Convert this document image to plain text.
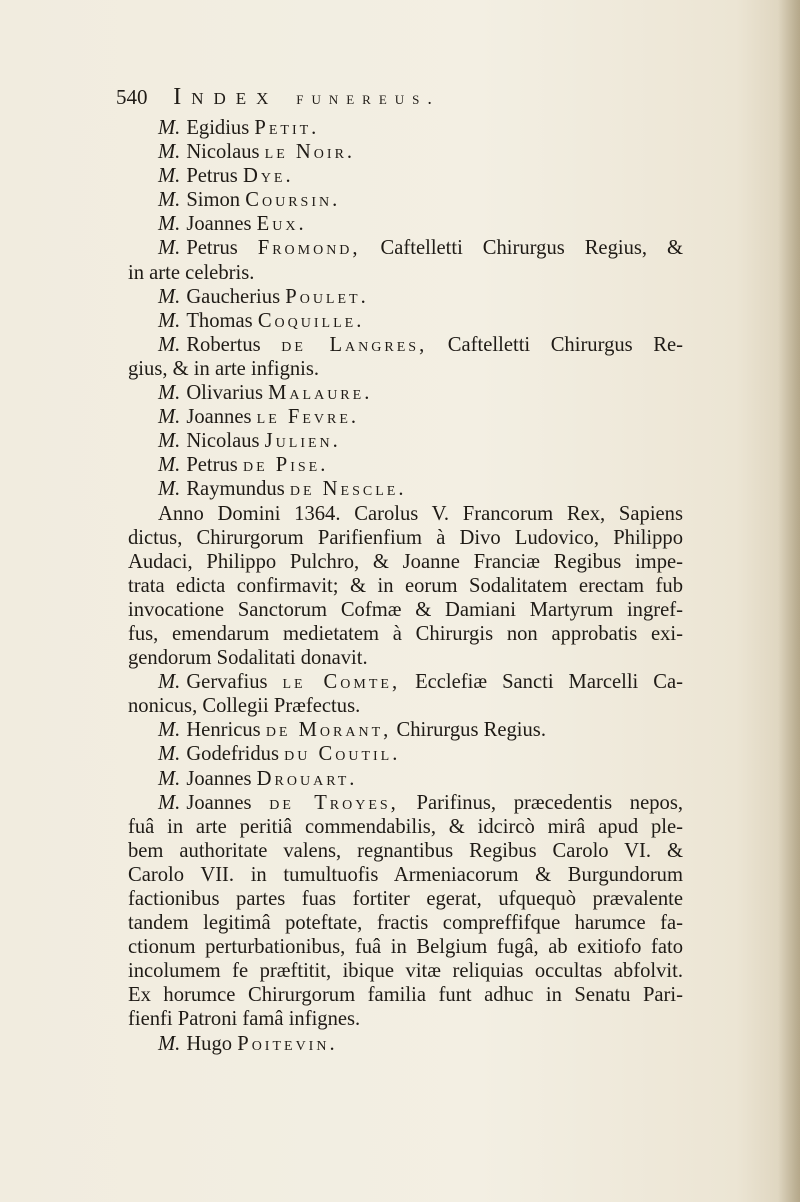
540 Index funereus.
M. Egidius Petit.
M. Nicolaus le Noir.
M. Petrus Dye.
M. Simon Coursin.
M. Joannes Eux.
M. Petrus Fromond, Caftelletti Chirurgus Regius, &
in arte celebris.
M. Gaucherius Poulet.
M. Thomas Coquille.
M. Robertus de Langres, Caftelletti Chirurgus Re-
gius, & in arte infignis.
M. Olivarius Malaure.
M. Joannes le Fevre.
M. Nicolaus Julien.
M. Petrus de Pise.
M. Raymundus de Nescle.
Anno Domini 1364. Carolus V. Francorum Rex, Sapiens
dictus, Chirurgorum Parifienfium à Divo Ludovico, Philippo
Audaci, Philippo Pulchro, & Joanne Franciæ Regibus impe-
trata edicta confirmavit; & in eorum Sodalitatem erectam fub
invocatione Sanctorum Cofmæ & Damiani Martyrum ingref-
fus, emendarum medietatem à Chirurgis non approbatis exi-
gendorum Sodalitati donavit.
M. Gervafius le Comte, Ecclefiæ Sancti Marcelli Ca-
nonicus, Collegii Præfectus.
M. Henricus de Morant, Chirurgus Regius.
M. Godefridus du Coutil.
M. Joannes Drouart.
M. Joannes de Troyes, Parifinus, præcedentis nepos,
fuâ in arte peritiâ commendabilis, & idcircò mirâ apud ple-
bem authoritate valens, regnantibus Regibus Carolo VI. &
Carolo VII. in tumultuofis Armeniacorum & Burgundorum
factionibus partes fuas fortiter egerat, ufquequò prævalente
tandem legitimâ poteftate, fractis compreffifque harumce fa-
ctionum perturbationibus, fuâ in Belgium fugâ, ab exitiofo fato
incolumem fe præftitit, ibique vitæ reliquias occultas abfolvit.
Ex horumce Chirurgorum familia funt adhuc in Senatu Pari-
fienfi Patroni famâ infignes.
M. Hugo Poitevin.
